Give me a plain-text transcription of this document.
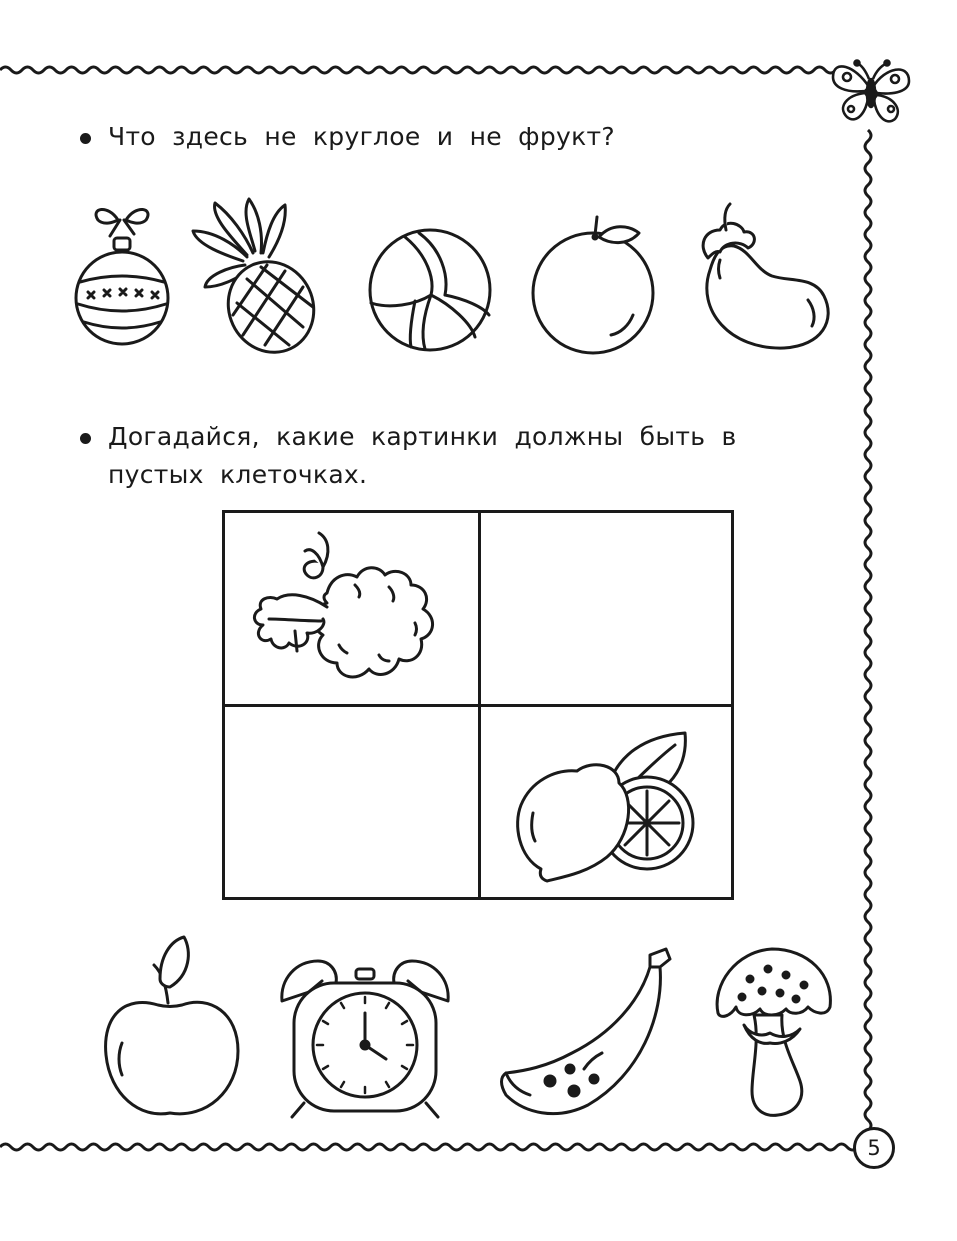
Что здесь не круглое и не фрукт?
Догадайся, какие картинки должны быть в пустых клеточках.
5
